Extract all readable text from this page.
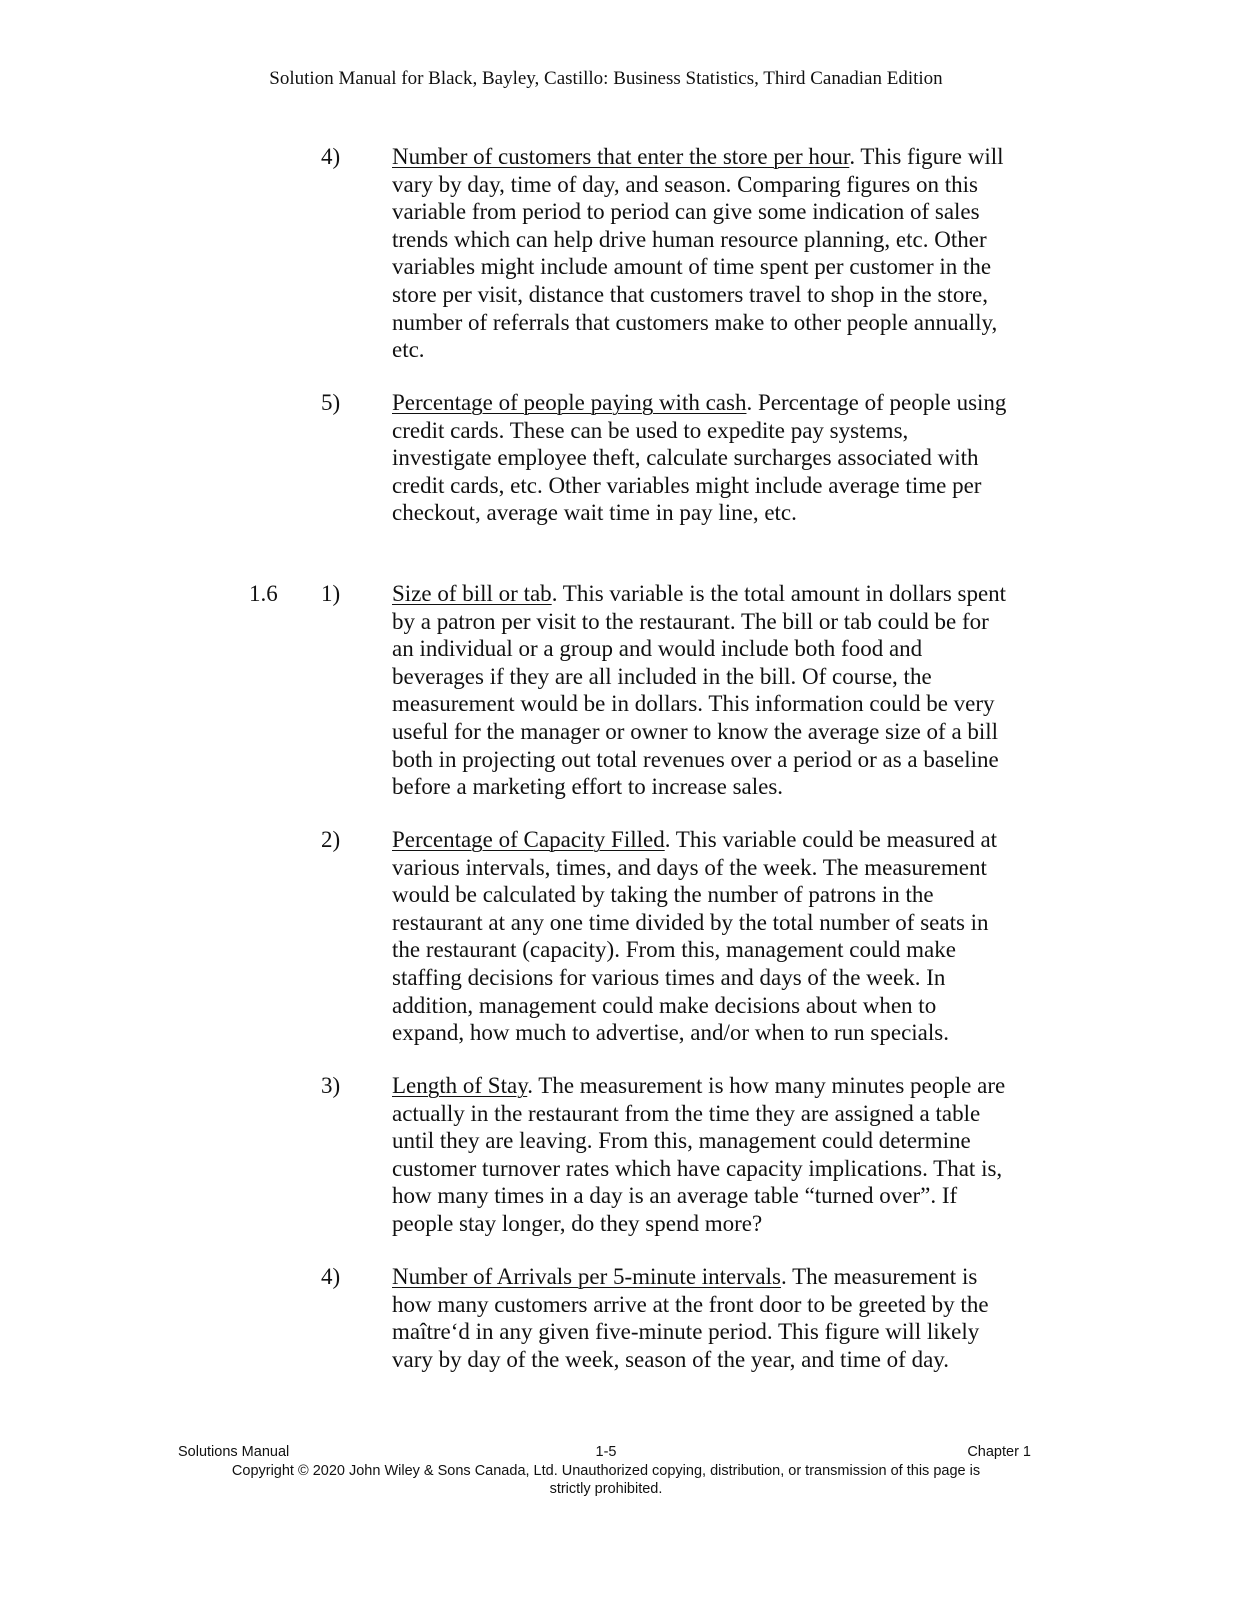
Solution Manual for Black, Bayley, Castillo: Business Statistics, Third Canadian Edition
4) Number of customers that enter the store per hour. This figure will
vary by day, time of day, and season. Comparing figures on this
variable from period to period can give some indication of sales
trends which can help drive human resource planning, etc. Other
variables might include amount of time spent per customer in the
store per visit, distance that customers travel to shop in the store,
number of referrals that customers make to other people annually,
etc.
5) Percentage of people paying with cash. Percentage of people using
credit cards. These can be used to expedite pay systems,
investigate employee theft, calculate surcharges associated with
credit cards, etc. Other variables might include average time per
checkout, average wait time in pay line, etc.
1.6 1) Size of bill or tab. This variable is the total amount in dollars spent
by a patron per visit to the restaurant. The bill or tab could be for
an individual or a group and would include both food and
beverages if they are all included in the bill. Of course, the
measurement would be in dollars. This information could be very
useful for the manager or owner to know the average size of a bill
both in projecting out total revenues over a period or as a baseline
before a marketing effort to increase sales.
2) Percentage of Capacity Filled. This variable could be measured at
various intervals, times, and days of the week. The measurement
would be calculated by taking the number of patrons in the
restaurant at any one time divided by the total number of seats in
the restaurant (capacity). From this, management could make
staffing decisions for various times and days of the week. In
addition, management could make decisions about when to
expand, how much to advertise, and/or when to run specials.
3) Length of Stay. The measurement is how many minutes people are
actually in the restaurant from the time they are assigned a table
until they are leaving. From this, management could determine
customer turnover rates which have capacity implications. That is,
how many times in a day is an average table “turned over”. If
people stay longer, do they spend more?
4) Number of Arrivals per 5-minute intervals. The measurement is
how many customers arrive at the front door to be greeted by the
maître‘d in any given five-minute period. This figure will likely
vary by day of the week, season of the year, and time of day.
Solutions Manual	1-5	Chapter 1
Copyright © 2020 John Wiley & Sons Canada, Ltd. Unauthorized copying, distribution, or transmission of this page is
strictly prohibited.
